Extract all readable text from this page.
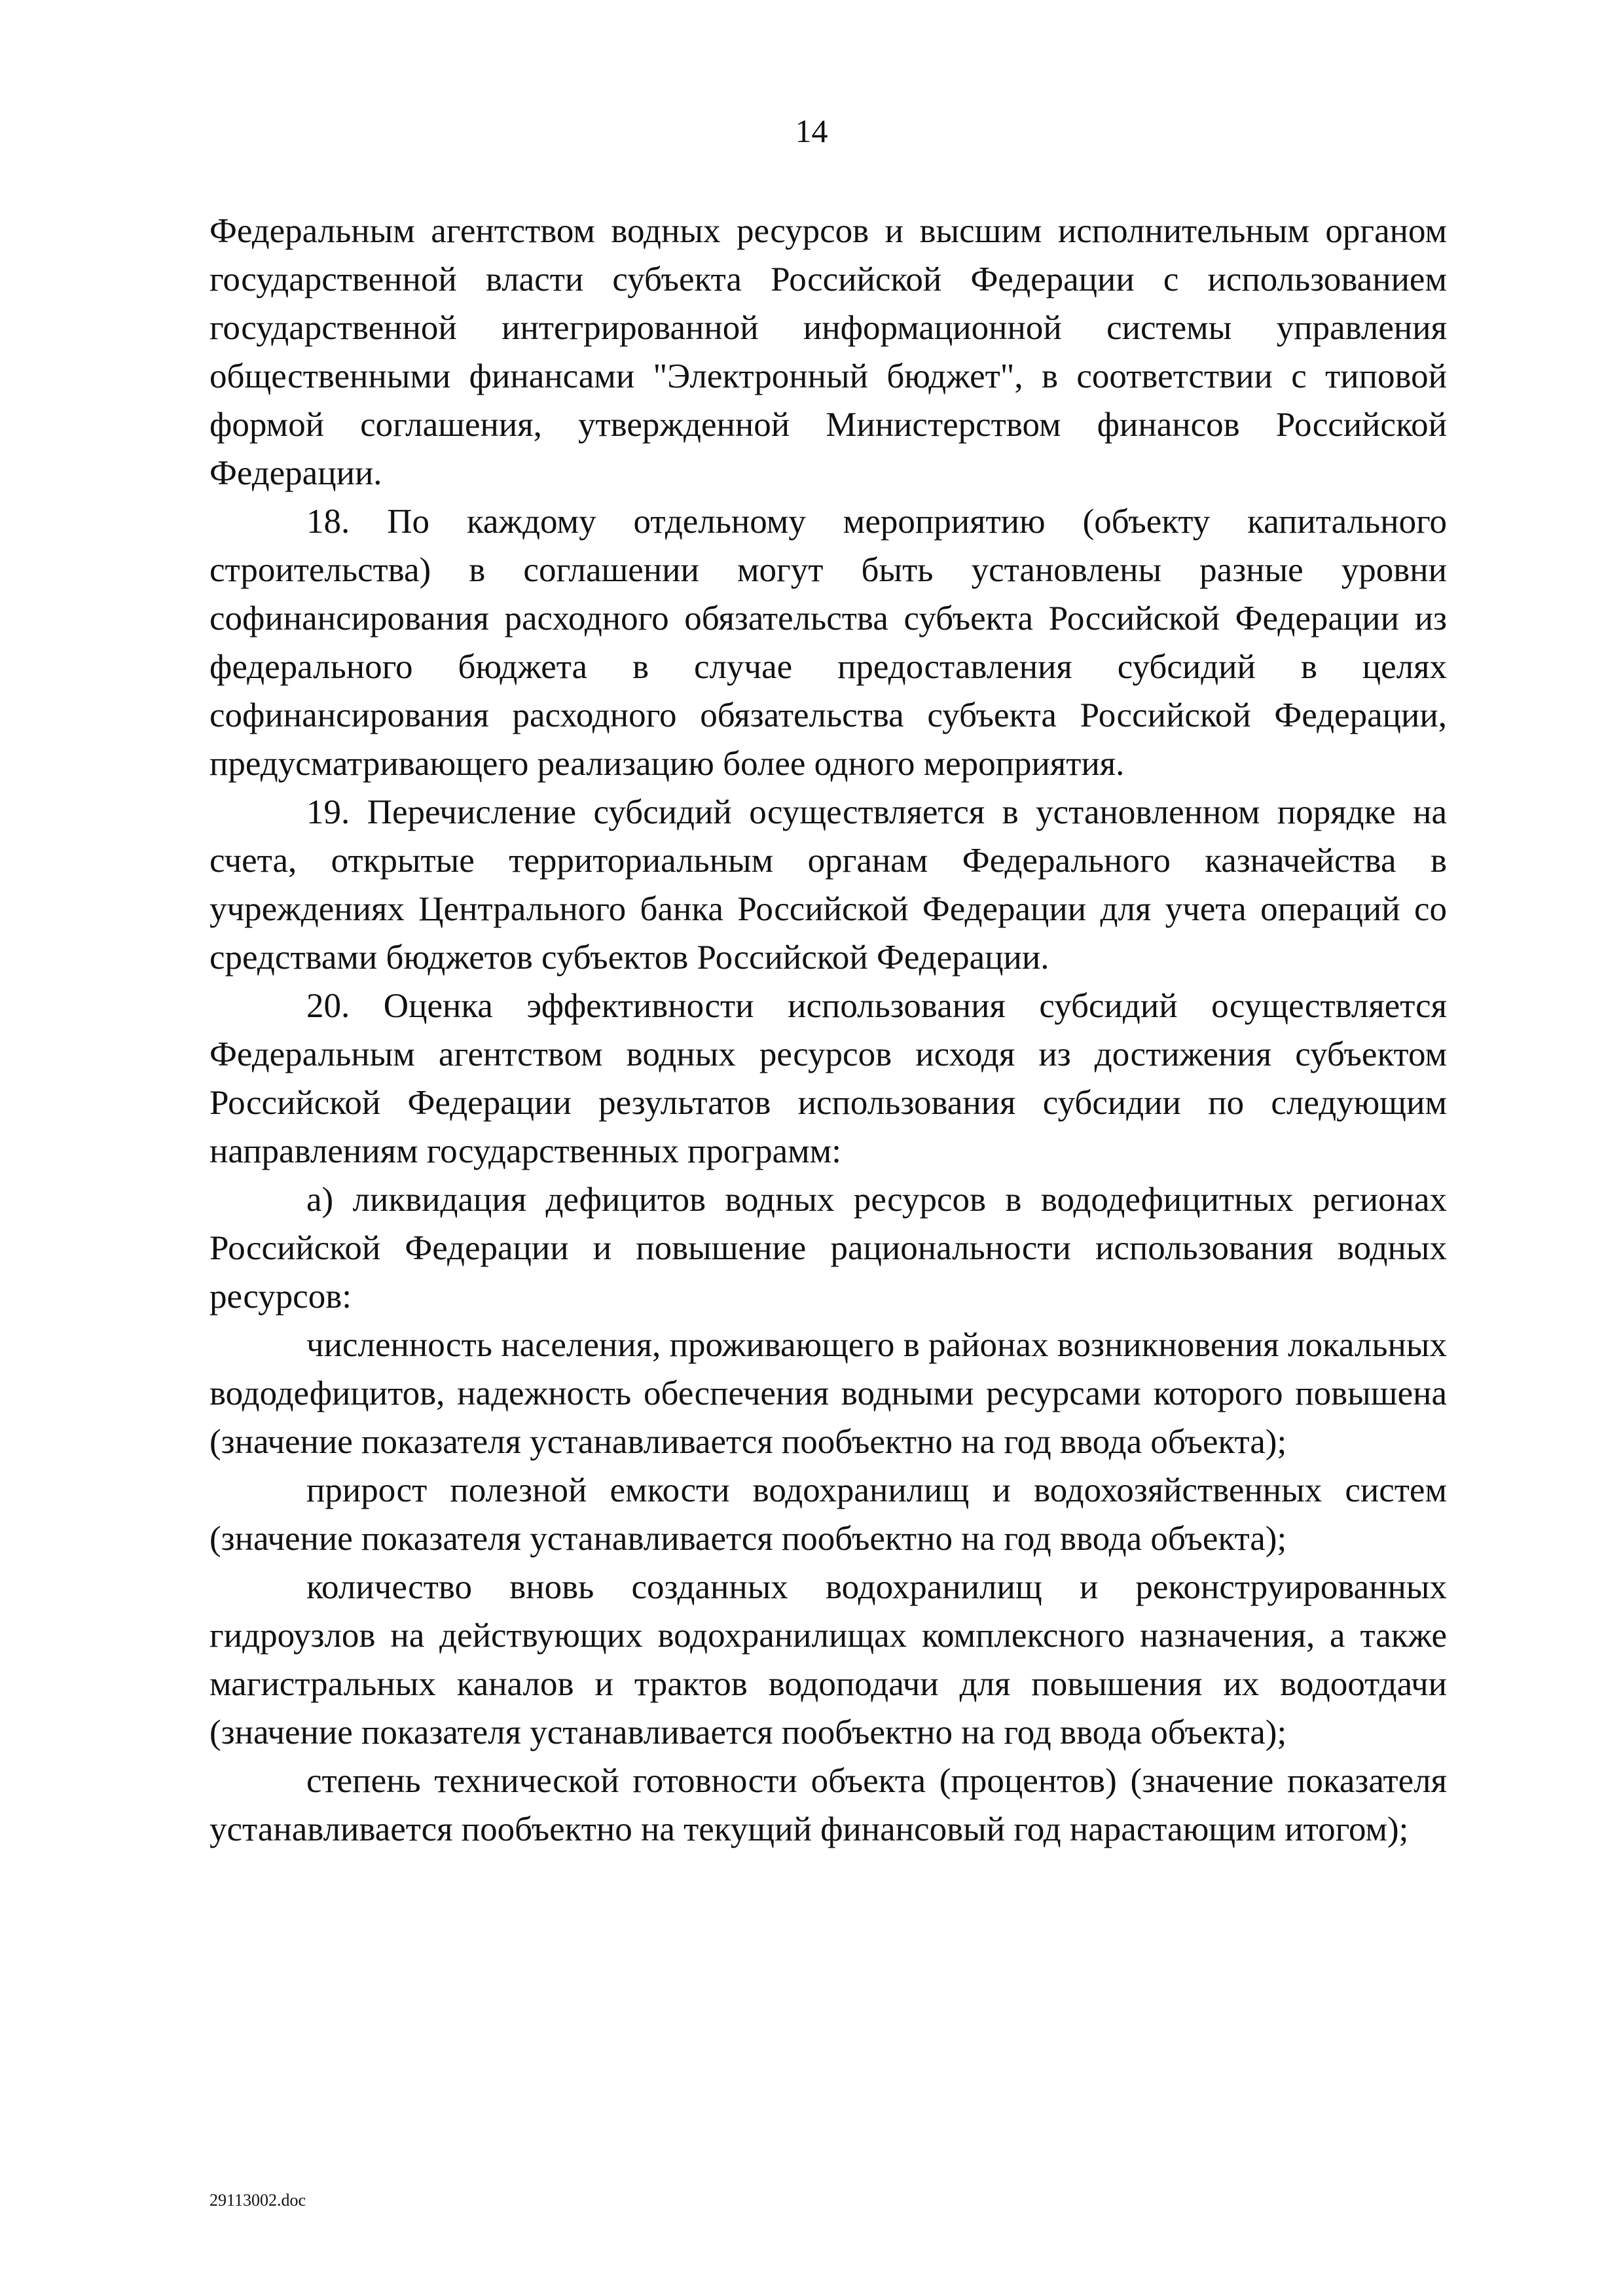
14

Федеральным агентством водных ресурсов и высшим исполнительным органом государственной власти субъекта Российской Федерации с использованием государственной интегрированной информационной системы управления общественными финансами "Электронный бюджет", в соответствии с типовой формой соглашения, утвержденной Министерством финансов Российской Федерации.

18. По каждому отдельному мероприятию (объекту капитального строительства) в соглашении могут быть установлены разные уровни софинансирования расходного обязательства субъекта Российской Федерации из федерального бюджета в случае предоставления субсидий в целях софинансирования расходного обязательства субъекта Российской Федерации, предусматривающего реализацию более одного мероприятия.

19. Перечисление субсидий осуществляется в установленном порядке на счета, открытые территориальным органам Федерального казначейства в учреждениях Центрального банка Российской Федерации для учета операций со средствами бюджетов субъектов Российской Федерации.

20. Оценка эффективности использования субсидий осуществляется Федеральным агентством водных ресурсов исходя из достижения субъектом Российской Федерации результатов использования субсидии по следующим направлениям государственных программ:

а) ликвидация дефицитов водных ресурсов в вододефицитных регионах Российской Федерации и повышение рациональности использования водных ресурсов:

численность населения, проживающего в районах возникновения локальных вододефицитов, надежность обеспечения водными ресурсами которого повышена (значение показателя устанавливается пообъектно на год ввода объекта);

прирост полезной емкости водохранилищ и водохозяйственных систем (значение показателя устанавливается пообъектно на год ввода объекта);

количество вновь созданных водохранилищ и реконструированных гидроузлов на действующих водохранилищах комплексного назначения, а также магистральных каналов и трактов водоподачи для повышения их водоотдачи (значение показателя устанавливается пообъектно на год ввода объекта);

степень технической готовности объекта (процентов) (значение показателя устанавливается пообъектно на текущий финансовый год нарастающим итогом);

29113002.doc
